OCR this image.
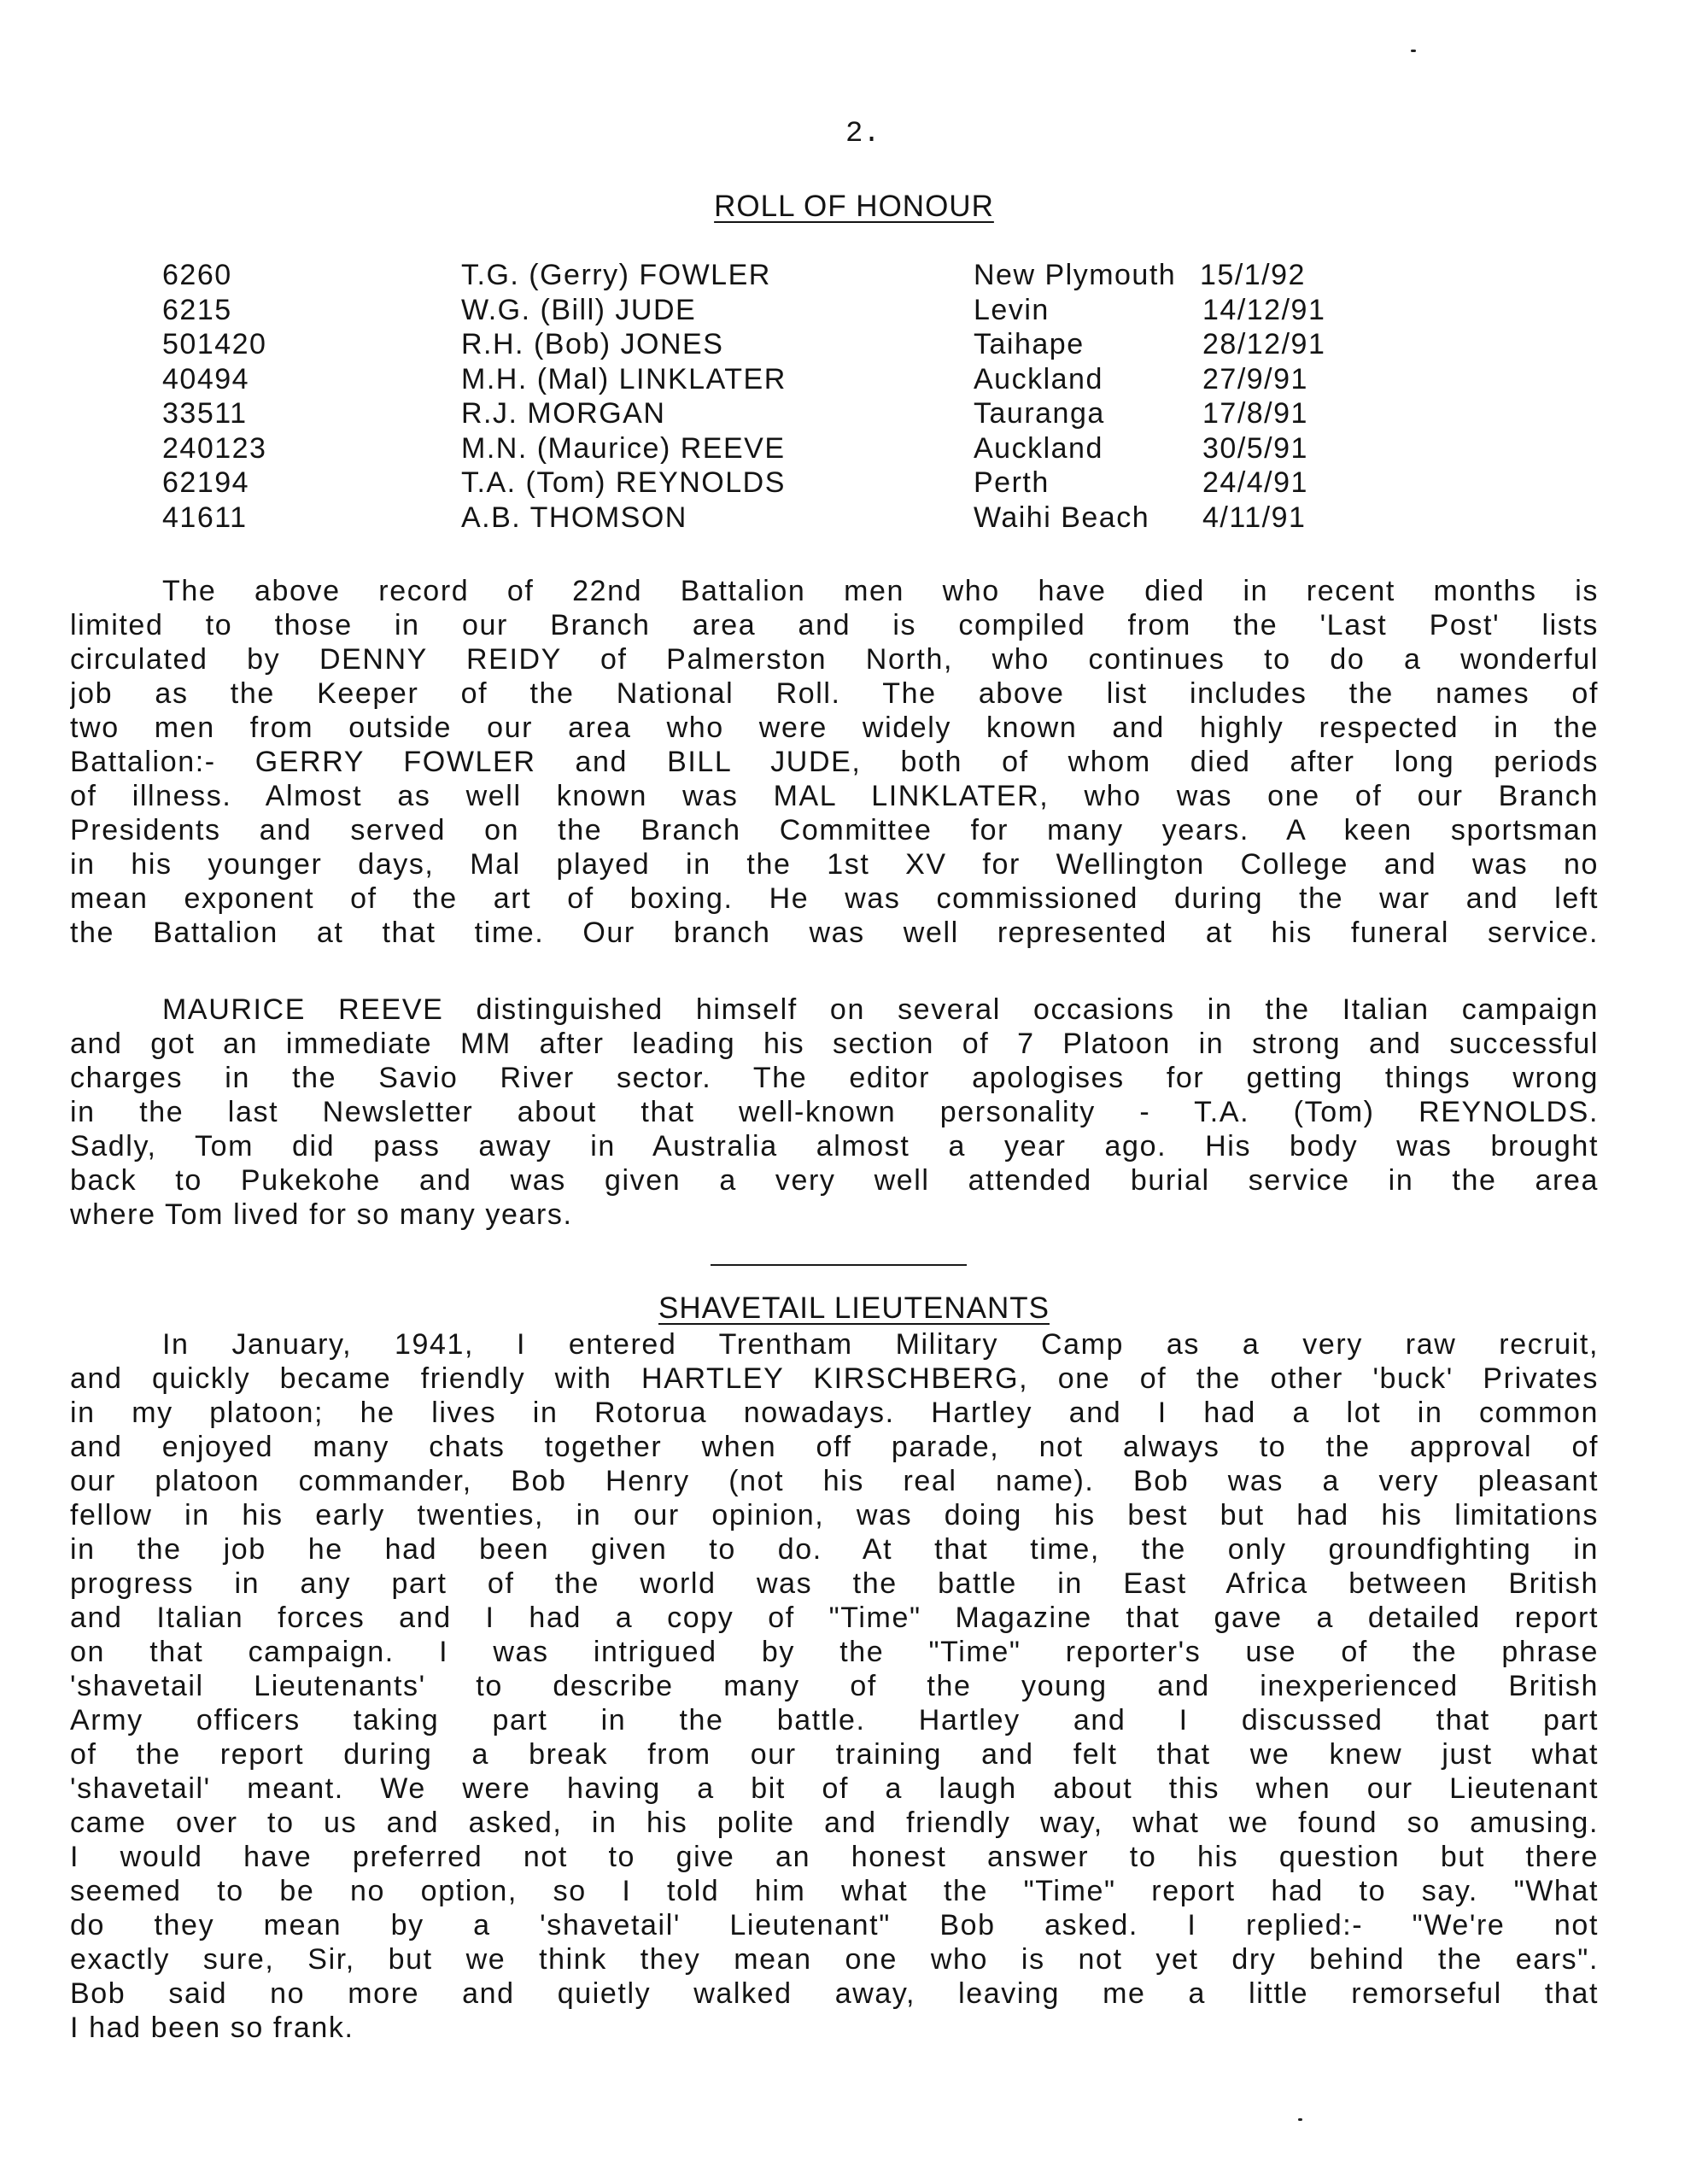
2.
ROLL OF HONOUR
6260	T.G. (Gerry) FOWLER	New Plymouth 15/1/92
6215	W.G. (Bill) JUDE	Levin	14/12/91
501420	R.H. (Bob) JONES	Taihape	28/12/91
40494	M.H. (Mal) LINKLATER	Auckland	27/9/91
33511	R.J. MORGAN	Tauranga	17/8/91
240123	M.N. (Maurice) REEVE	Auckland	30/5/91
62194	T.A. (Tom) REYNOLDS	Perth	24/4/91
41611	A.B. THOMSON	Waihi Beach 4/11/91
The above record of 22nd Battalion men who have died in recent months is
limited to those in our Branch area and is compiled from the 'Last Post' lists
circulated by DENNY REIDY of Palmerston North, who continues to do a wonderful
job as the Keeper of the National Roll. The above list includes the names of
two men from outside our area who were widely known and highly respected in the
Battalion:- GERRY FOWLER and BILL JUDE, both of whom died after long periods
of illness. Almost as well known was MAL LINKLATER, who was one of our Branch
Presidents and served on the Branch Committee for many years. A keen sportsman
in his younger days, Mal played in the 1st XV for Wellington College and was no
mean exponent of the art of boxing. He was commissioned during the war and left
the Battalion at that time. Our branch was well represented at his funeral service.
MAURICE REEVE distinguished himself on several occasions in the Italian campaign
and got an immediate MM after leading his section of 7 Platoon in strong and successful
charges in the Savio River sector. The editor apologises for getting things wrong
in the last Newsletter about that well-known personality - T.A. (Tom) REYNOLDS.
Sadly, Tom did pass away in Australia almost a year ago. His body was brought
back to Pukekohe and was given a very well attended burial service in the area
where Tom lived for so many years.
SHAVETAIL LIEUTENANTS
In January, 1941, I entered Trentham Military Camp as a very raw recruit,
and quickly became friendly with HARTLEY KIRSCHBERG, one of the other 'buck' Privates
in my platoon; he lives in Rotorua nowadays. Hartley and I had a lot in common
and enjoyed many chats together when off parade, not always to the approval of
our platoon commander, Bob Henry (not his real name). Bob was a very pleasant
fellow in his early twenties, in our opinion, was doing his best but had his limitations
in the job he had been given to do. At that time, the only groundfighting in
progress in any part of the world was the battle in East Africa between British
and Italian forces and I had a copy of "Time" Magazine that gave a detailed report
on that campaign. I was intrigued by the "Time" reporter's use of the phrase
'shavetail Lieutenants' to describe many of the young and inexperienced British
Army officers taking part in the battle. Hartley and I discussed that part
of the report during a break from our training and felt that we knew just what
'shavetail' meant. We were having a bit of a laugh about this when our Lieutenant
came over to us and asked, in his polite and friendly way, what we found so amusing.
I would have preferred not to give an honest answer to his question but there
seemed to be no option, so I told him what the "Time" report had to say. "What
do they mean by a 'shavetail' Lieutenant" Bob asked. I replied:- "We're not
exactly sure, Sir, but we think they mean one who is not yet dry behind the ears".
Bob said no more and quietly walked away, leaving me a little remorseful that
I had been so frank.
